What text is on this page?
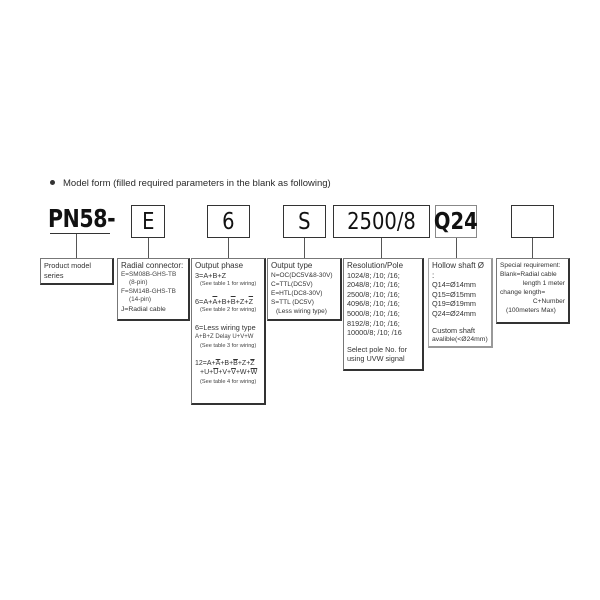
Model form (filled required parameters in the blank as following)
PN58- E	6	S 2500/8 Q24
Product model
series
Radial connector:
E=SM08B-GHS-TB
(8-pin)
F=SM14B-GHS-TB
(14-pin)
J=Radial cable
Output phase
3=A+B+Z
(See table 1 for wiring)
$6=A+\overline{A}+B+\overline{B}+Z+\overline{Z}$
(See table 2 for wiring)
6=Less wiring type
A+B+Z Delay U+V+W
(See table 3 for wiring)
$12=A+\overline{A}+B+\overline{B}+Z+\overline{Z}$
$+U+\overline{U}+V+\overline{V}+W+\overline{W}$
(See table 4 for wiring)
Output type
N=OC(DC5V&8-30V)
C=TTL(DC5V)
E=HTL(DC8-30V)
S=TTL (DC5V)
(Less wiring type)
Resolution/Pole
1024/8; /10; /16;
2048/8; /10; /16;
2500/8; /10; /16;
4096/8; /10; /16;
5000/8; /10; /16;
8192/8; /10; /16;
10000/8; /10; /16
Select pole No. for
using UVW signal
Hollow shaft Ø :
Q14=Ø14mm
Q15=Ø15mm
Q19=Ø19mm
Q24=Ø24mm
Custom shaft
avalible(<Ø24mm)
Special requirement:
Blank=Radial cable
length 1 meter
change length=
C+Number
(100meters Max)
